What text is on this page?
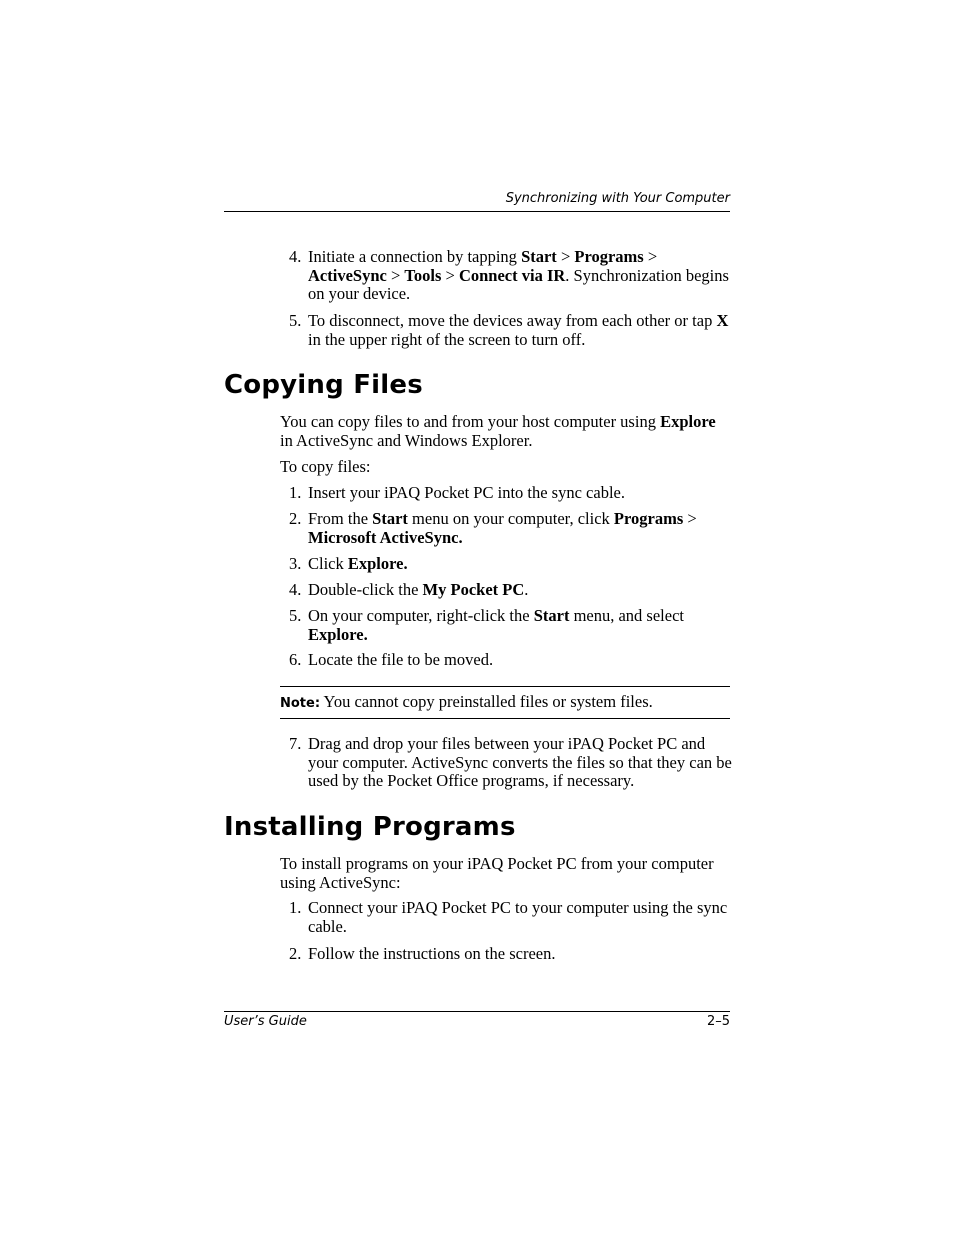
Synchronizing with Your Computer
4. Initiate a connection by tapping Start > Programs > ActiveSync > Tools > Connect via IR. Synchronization begins on your device.
5. To disconnect, move the devices away from each other or tap X in the upper right of the screen to turn off.
Copying Files

You can copy files to and from your host computer using Explore in ActiveSync and Windows Explorer.

To copy files:

1. Insert your iPAQ Pocket PC into the sync cable.
2. From the Start menu on your computer, click Programs > Microsoft ActiveSync.
3. Click Explore.
4. Double-click the My Pocket PC.
5. On your computer, right-click the Start menu, and select Explore.
6. Locate the file to be moved.
Note: You cannot copy preinstalled files or system files.
7. Drag and drop your files between your iPAQ Pocket PC and your computer. ActiveSync converts the files so that they can be used by the Pocket Office programs, if necessary.
Installing Programs

To install programs on your iPAQ Pocket PC from your computer using ActiveSync:

1. Connect your iPAQ Pocket PC to your computer using the sync cable.
2. Follow the instructions on the screen.
User’s Guide	2–5
